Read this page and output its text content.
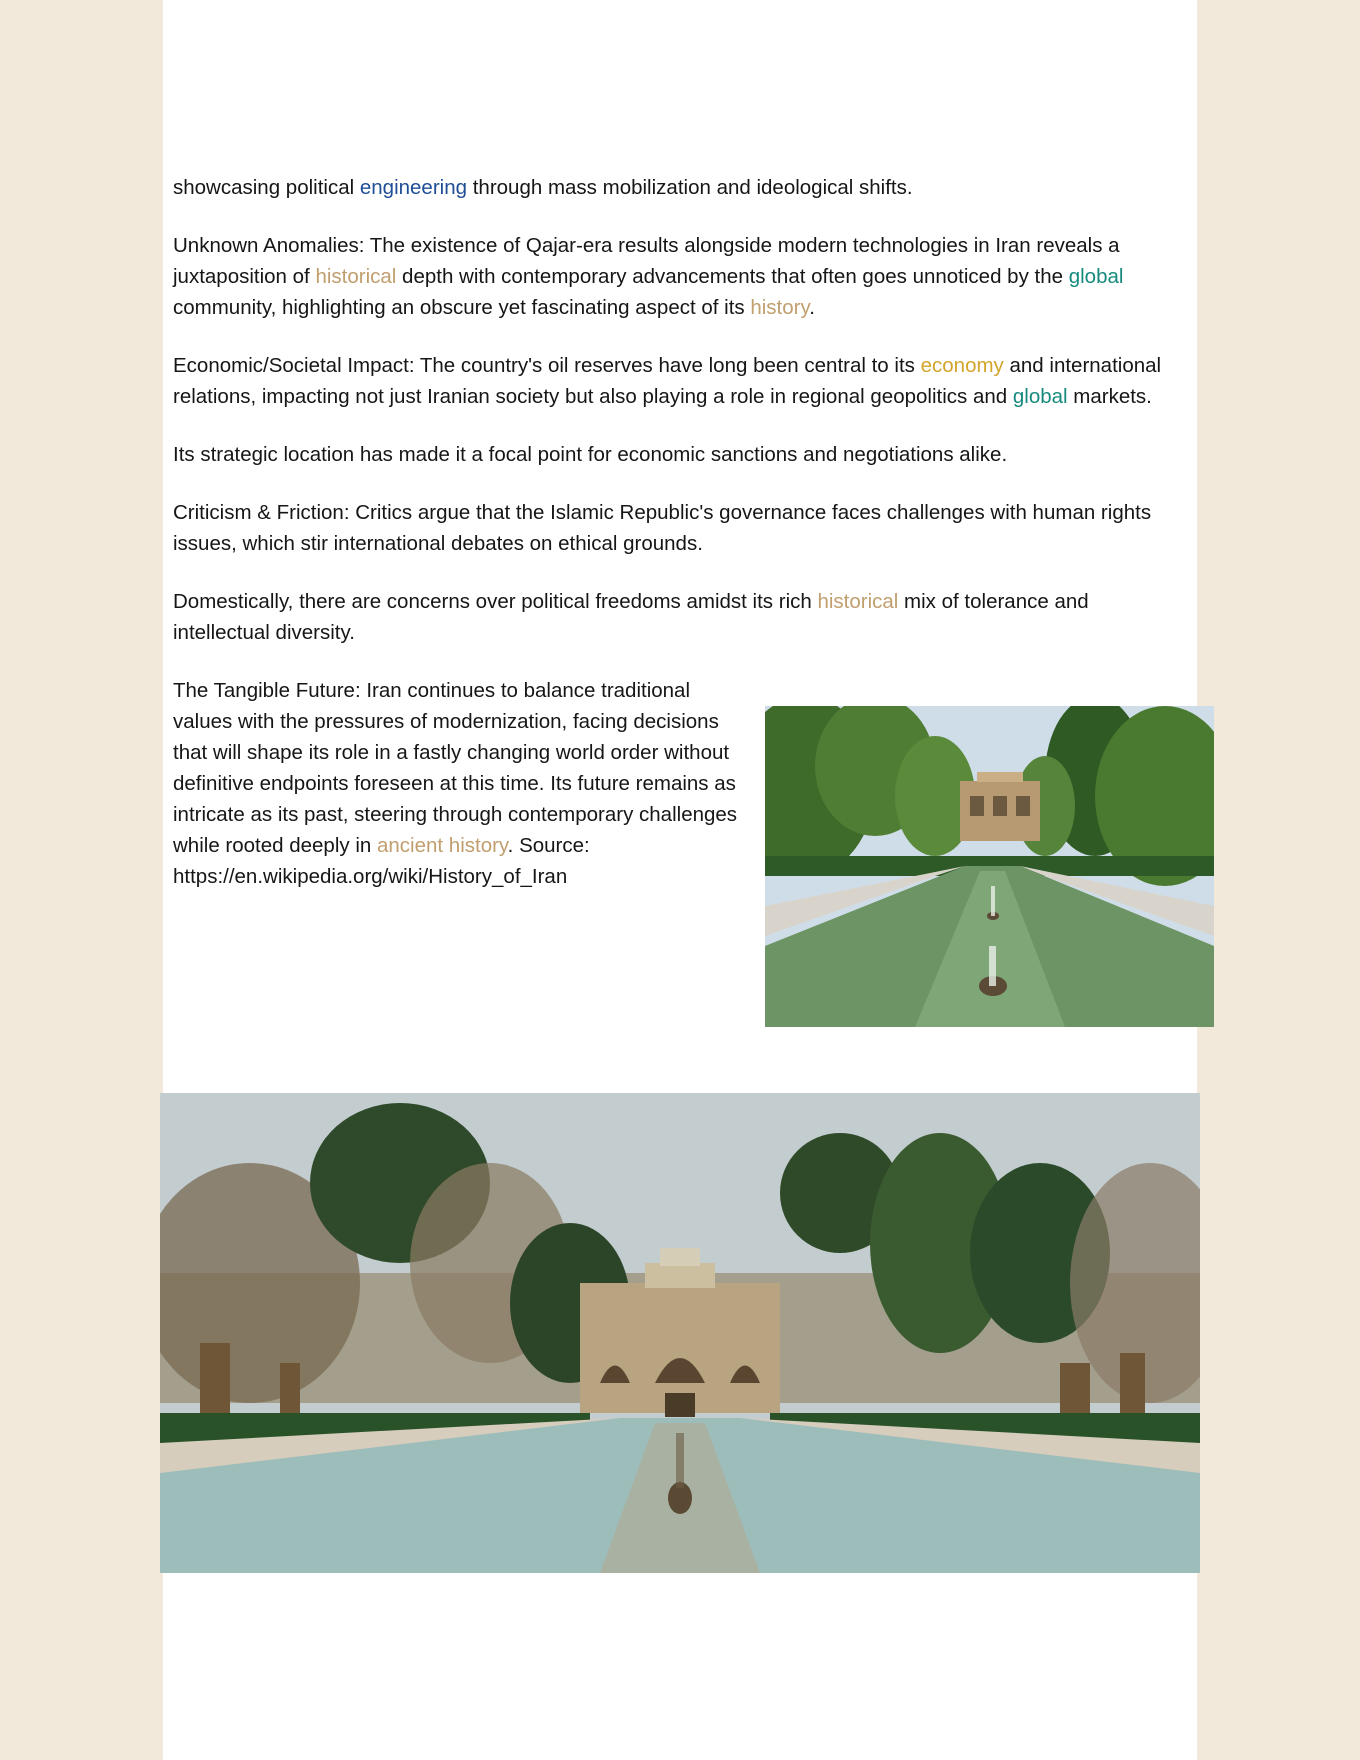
showcasing political engineering through mass mobilization and ideological shifts.

Unknown Anomalies: The existence of Qajar-era results alongside modern technologies in Iran reveals a juxtaposition of historical depth with contemporary advancements that often goes unnoticed by the global community, highlighting an obscure yet fascinating aspect of its history.

Economic/Societal Impact: The country's oil reserves have long been central to its economy and international relations, impacting not just Iranian society but also playing a role in regional geopolitics and global markets.

Its strategic location has made it a focal point for economic sanctions and negotiations alike.

Criticism & Friction: Critics argue that the Islamic Republic's governance faces challenges with human rights issues, which stir international debates on ethical grounds.

Domestically, there are concerns over political freedoms amidst its rich historical mix of tolerance and intellectual diversity.

The Tangible Future: Iran continues to balance traditional values with the pressures of modernization, facing decisions that will shape its role in a fastly changing world order without definitive endpoints foreseen at this time. Its future remains as intricate as its past, steering through contemporary challenges while rooted deeply in ancient history. Source: https://en.wikipedia.org/wiki/History_of_Iran
